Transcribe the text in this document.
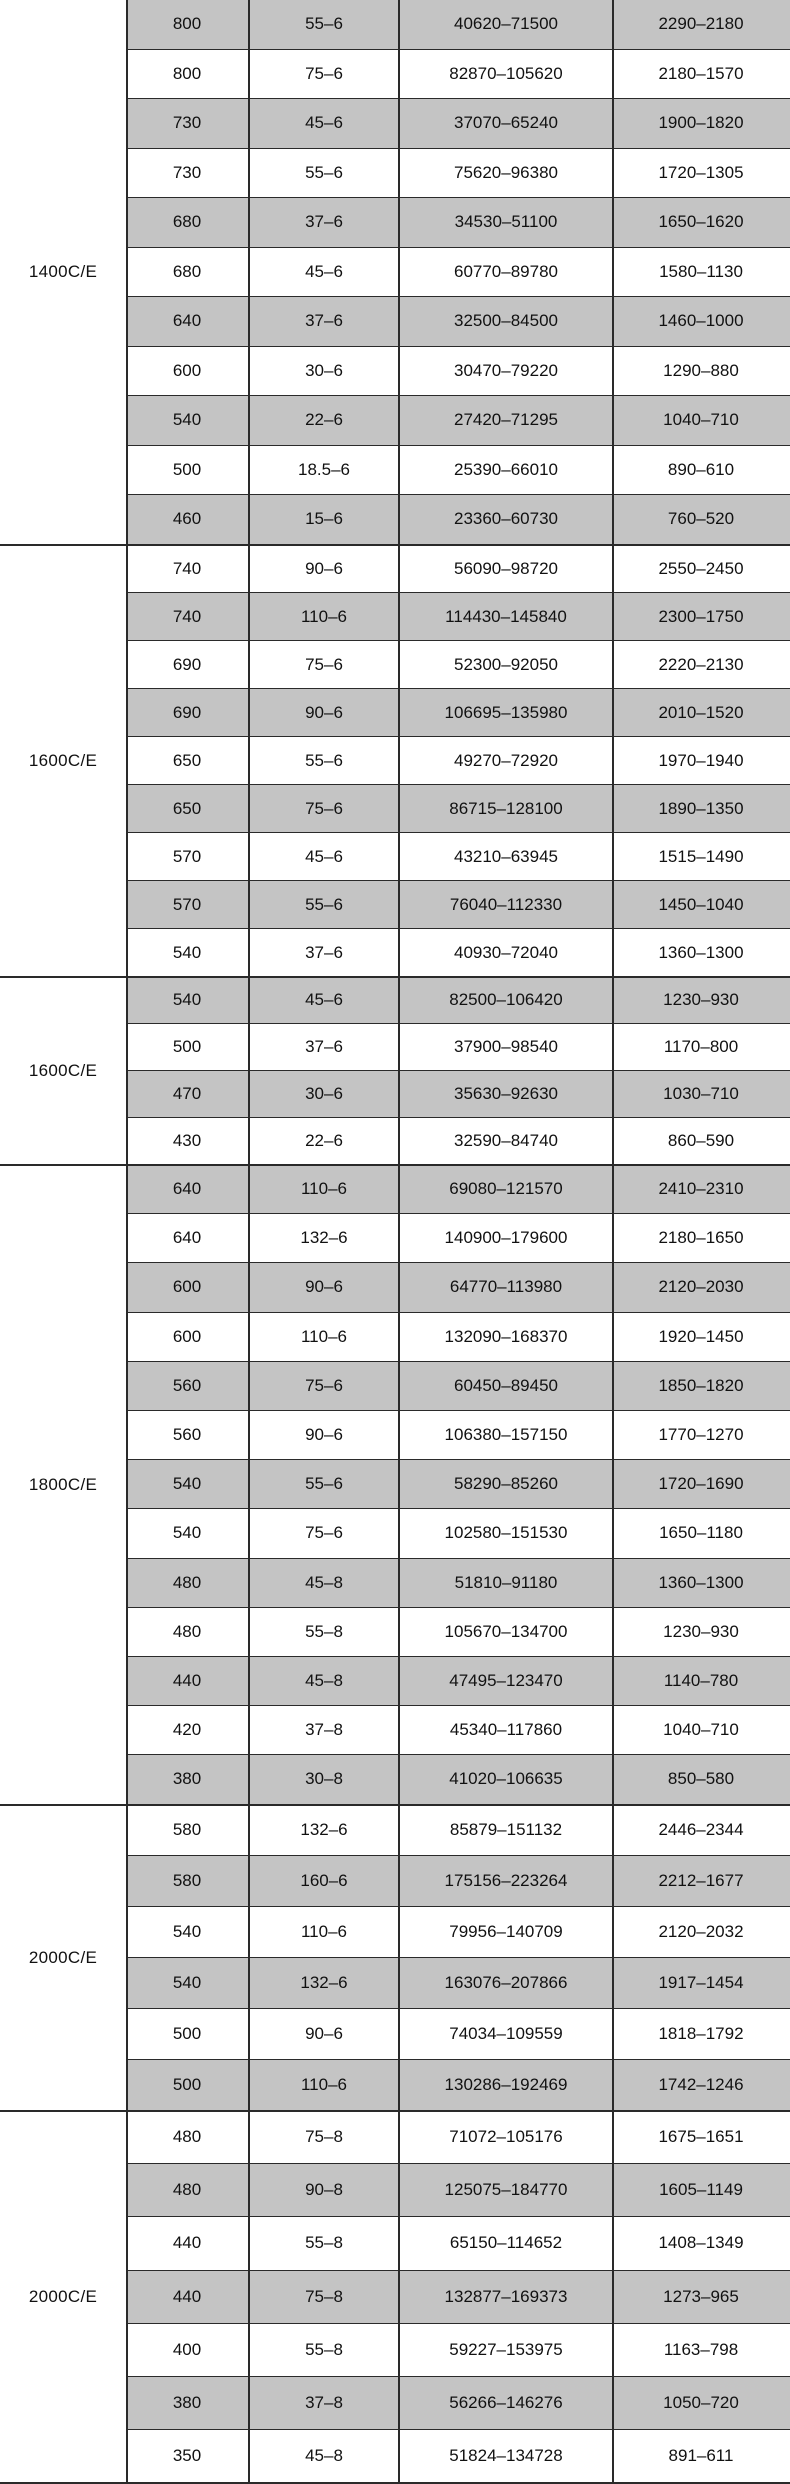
1400C/E
800	55–6	40620–71500	2290–2180
800	75–6	82870–105620	2180–1570
730	45–6	37070–65240	1900–1820
730	55–6	75620–96380	1720–1305
680	37–6	34530–51100	1650–1620
680	45–6	60770–89780	1580–1130
640	37–6	32500–84500	1460–1000
600	30–6	30470–79220	1290–880
540	22–6	27420–71295	1040–710
500	18.5–6	25390–66010	890–610
460	15–6	23360–60730	760–520
1600C/E
740	90–6	56090–98720	2550–2450
740	110–6	114430–145840	2300–1750
690	75–6	52300–92050	2220–2130
690	90–6	106695–135980	2010–1520
650	55–6	49270–72920	1970–1940
650	75–6	86715–128100	1890–1350
570	45–6	43210–63945	1515–1490
570	55–6	76040–112330	1450–1040
540	37–6	40930–72040	1360–1300
1600C/E
540	45–6	82500–106420	1230–930
500	37–6	37900–98540	1170–800
470	30–6	35630–92630	1030–710
430	22–6	32590–84740	860–590
1800C/E
640	110–6	69080–121570	2410–2310
640	132–6	140900–179600	2180–1650
600	90–6	64770–113980	2120–2030
600	110–6	132090–168370	1920–1450
560	75–6	60450–89450	1850–1820
560	90–6	106380–157150	1770–1270
540	55–6	58290–85260	1720–1690
540	75–6	102580–151530	1650–1180
480	45–8	51810–91180	1360–1300
480	55–8	105670–134700	1230–930
440	45–8	47495–123470	1140–780
420	37–8	45340–117860	1040–710
380	30–8	41020–106635	850–580
2000C/E
580	132–6	85879–151132	2446–2344
580	160–6	175156–223264	2212–1677
540	110–6	79956–140709	2120–2032
540	132–6	163076–207866	1917–1454
500	90–6	74034–109559	1818–1792
500	110–6	130286–192469	1742–1246
2000C/E
480	75–8	71072–105176	1675–1651
480	90–8	125075–184770	1605–1149
440	55–8	65150–114652	1408–1349
440	75–8	132877–169373	1273–965
400	55–8	59227–153975	1163–798
380	37–8	56266–146276	1050–720
350	45–8	51824–134728	891–611
